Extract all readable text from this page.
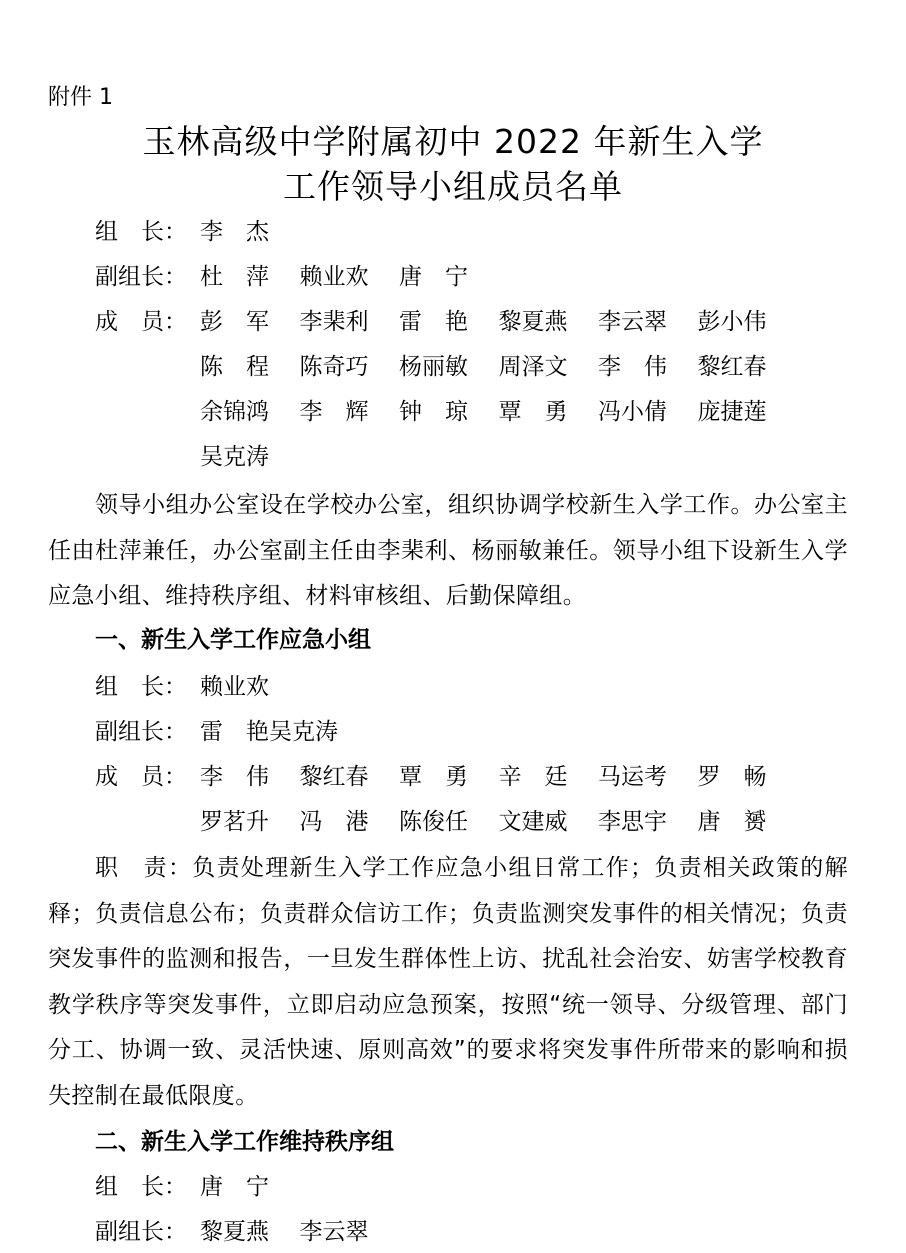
附件 1
玉林高级中学附属初中 2022 年新生入学
工作领导小组成员名单
组　长： 李杰
副组长： 杜萍 赖业欢	唐宁
成　员： 彭军 李棐利	雷艳 黎夏燕	李云翠	彭小伟
陈程 陈奇巧	杨丽敏	周泽文	李伟 黎红春
余锦鸿	李辉 钟琼 覃勇 冯小倩	庞捷莲
吴克涛
领导小组办公室设在学校办公室，组织协调学校新生入学工作。办公室主任由杜萍兼任，办公室副主任由李棐利、杨丽敏兼任。领导小组下设新生入学应急小组、维持秩序组、材料审核组、后勤保障组。
一、新生入学工作应急小组
组　长： 赖业欢
副组长： 雷　艳吴克涛
成　员： 李伟 黎红春	覃勇 辛廷 马运考	罗畅
罗茗升	冯港 陈俊任	文建威	李思宇	唐赟
职　责：负责处理新生入学工作应急小组日常工作；负责相关政策的解释；负责信息公布；负责群众信访工作；负责监测突发事件的相关情况；负责突发事件的监测和报告，一旦发生群体性上访、扰乱社会治安、妨害学校教育教学秩序等突发事件，立即启动应急预案，按照“统一领导、分级管理、部门分工、协调一致、灵活快速、原则高效”的要求将突发事件所带来的影响和损失控制在最低限度。
二、新生入学工作维持秩序组
组　长： 唐宁
副组长： 黎夏燕	李云翠
